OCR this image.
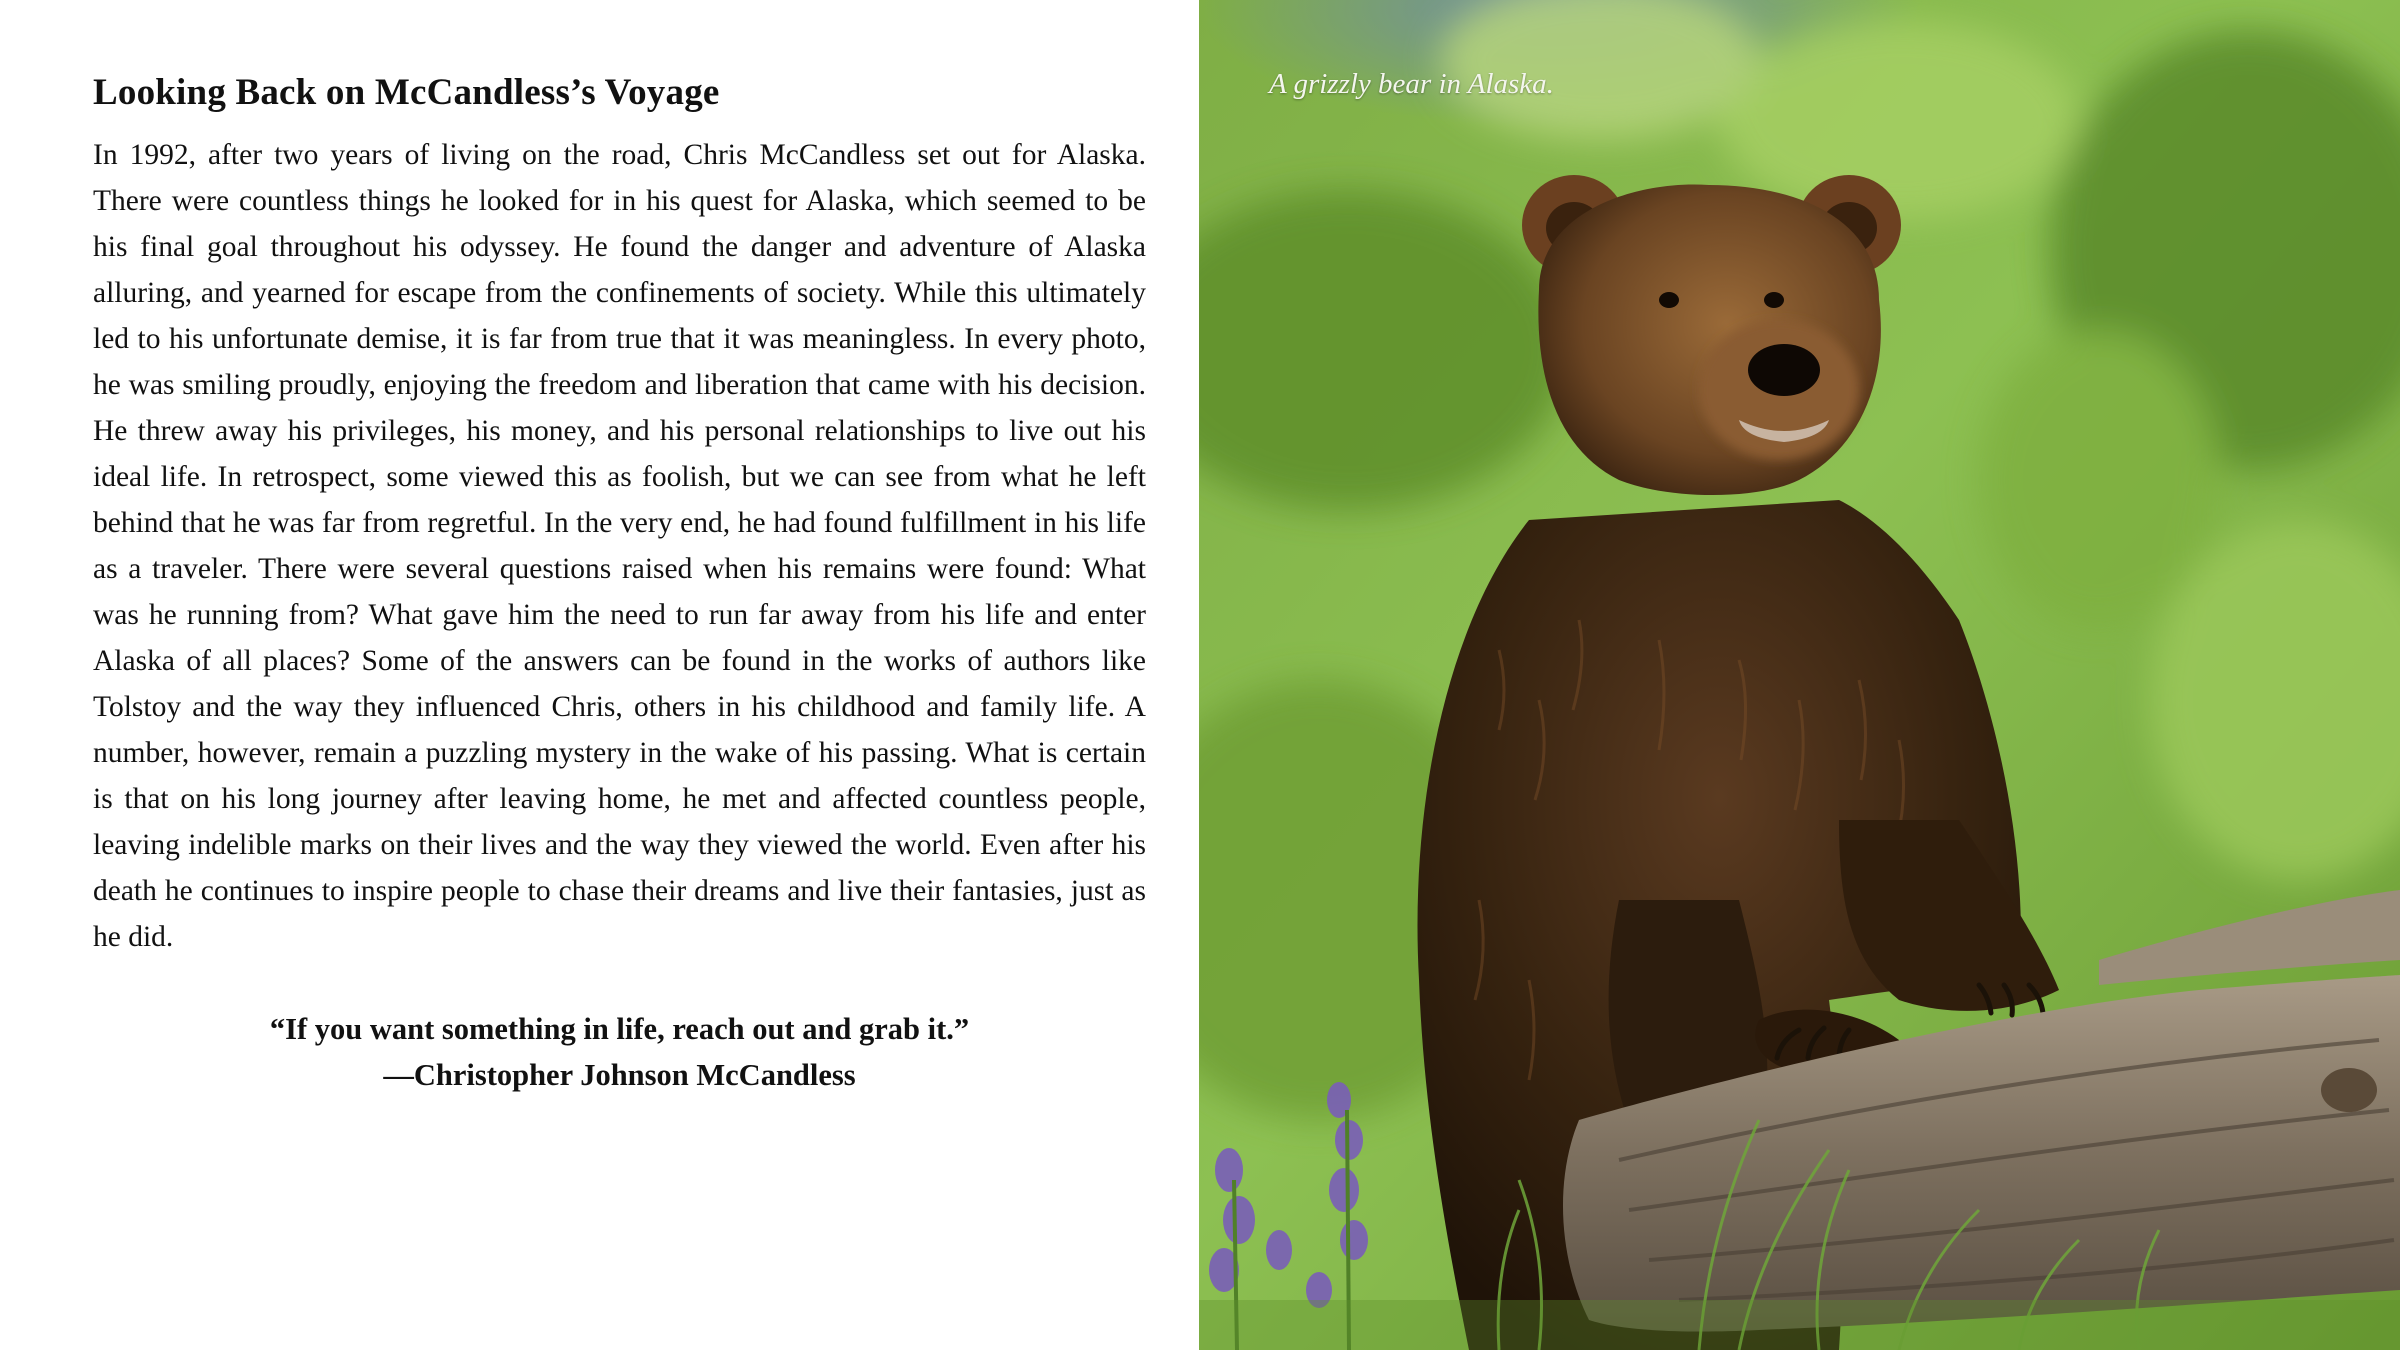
Looking Back on McCandless’s Voyage

In 1992, after two years of living on the road, Chris McCandless set out for Alaska. There were countless things he looked for in his quest for Alaska, which seemed to be his final goal throughout his odyssey. He found the danger and adventure of Alaska alluring, and yearned for escape from the confinements of society. While this ultimately led to his unfortunate demise, it is far from true that it was meaningless. In every photo, he was smiling proudly, enjoying the freedom and liberation that came with his decision. He threw away his privileges, his money, and his personal relationships to live out his ideal life. In retrospect, some viewed this as foolish, but we can see from what he left behind that he was far from regretful. In the very end, he had found fulfillment in his life as a traveler. There were several questions raised when his remains were found: What was he running from? What gave him the need to run far away from his life and enter Alaska of all places? Some of the answers can be found in the works of authors like Tolstoy and the way they influenced Chris, others in his childhood and family life. A number, however, remain a puzzling mystery in the wake of his passing. What is certain is that on his long journey after leaving home, he met and affected countless people, leaving indelible marks on their lives and the way they viewed the world. Even after his death he continues to inspire people to chase their dreams and live their fantasies, just as he did.

“If you want something in life, reach out and grab it.”
—Christopher Johnson McCandless
A grizzly bear in Alaska.
